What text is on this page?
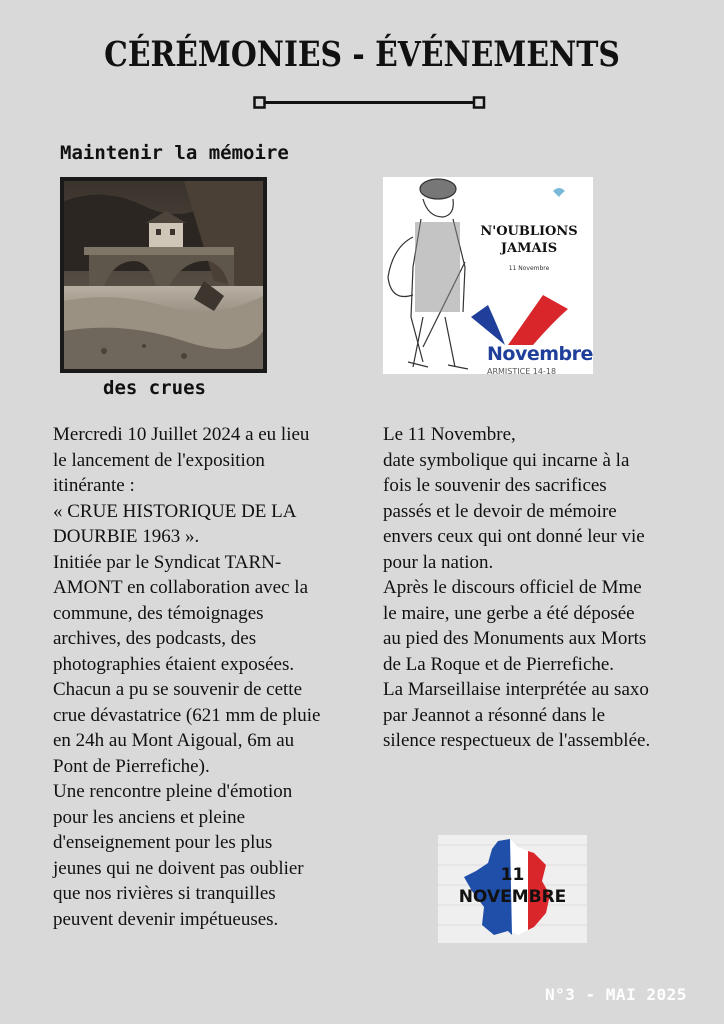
CÉRÉMONIES - ÉVÉNEMENTS
Maintenir la mémoire
des crues
N'OUBLIONS
JAMAIS
11 Novembre
Novembre
ARMISTICE 14-18

Mercredi 10 Juillet 2024 a eu lieu le lancement de l'exposition itinérante :

« CRUE HISTORIQUE DE LA DOURBIE 1963 ».

Initiée par le Syndicat TARN-AMONT en collaboration avec la commune, des témoignages archives, des podcasts, des photographies étaient exposées. Chacun a pu se souvenir de cette crue dévastatrice (621 mm de pluie en 24h au Mont Aigoual, 6m au Pont de Pierrefiche).

Une rencontre pleine d'émotion pour les anciens et pleine d'enseignement pour les plus jeunes qui ne doivent pas oublier que nos rivières si tranquilles peuvent devenir impétueuses.

Le 11 Novembre,

date symbolique qui incarne à la fois le souvenir des sacrifices passés et le devoir de mémoire envers ceux qui ont donné leur vie pour la nation.

Après le discours officiel de Mme le maire, une gerbe a été déposée au pied des Monuments aux Morts de La Roque et de Pierrefiche.

La Marseillaise interprétée au saxo par Jeannot a résonné dans le silence respectueux de l'assemblée.

11
NOVEMBRE
N°3 - MAI 2025
